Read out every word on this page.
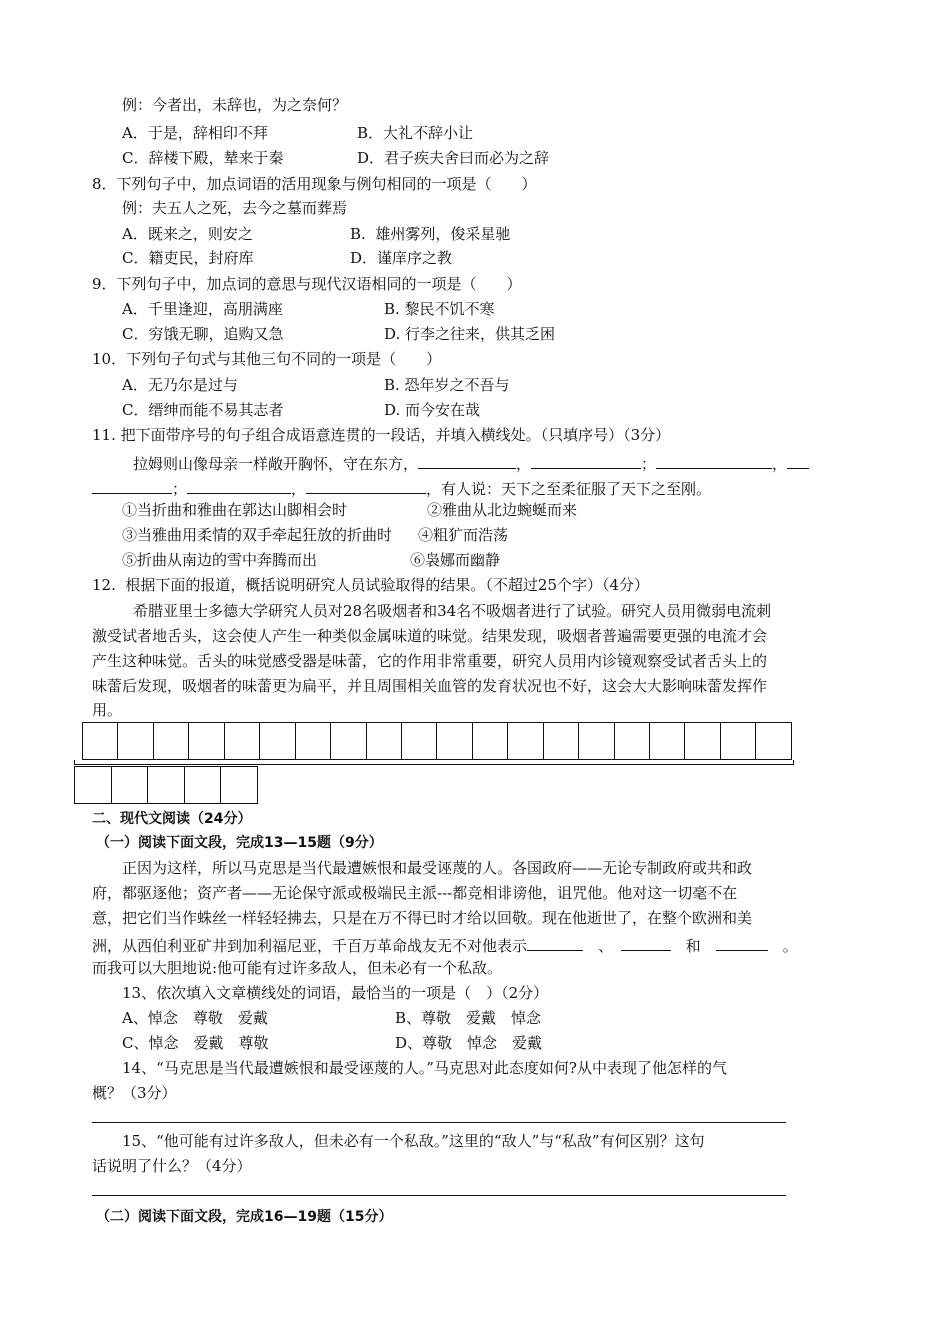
例：今者出，未辞也，为之奈何？
A．于是，辞相印不拜	B．大礼不辞小让
C．辞楼下殿，辇来于秦	D．君子疾夫舍曰而必为之辞
8．下列句子中，加点词语的活用现象与例句相同的一项是（　　）
例：夫五人之死，去今之墓而葬焉
A．既来之，则安之	B.  雄州雾列，俊采星驰
C．籍吏民，封府库	D．谨庠序之教
9．下列句子中，加点词的意思与现代汉语相同的一项是（　　）
A．千里逢迎，高朋满座	B. 黎民不饥不寒
C．穷饿无聊，追购又急	D. 行李之往来，供其乏困
10．下列句子句式与其他三句不同的一项是（　　）
A．无乃尔是过与	B. 恐年岁之不吾与
C．缙绅而能不易其志者	D. 而今安在哉
11. 把下面带序号的句子组合成语意连贯的一段话，并填入横线处。（只填序号）（3分）
拉姆则山像母亲一样敞开胸怀，守在东方，	，	；	，
；	，	，有人说：天下之至柔征服了天下之至刚。
①当折曲和雅曲在郭达山脚相会时	②雅曲从北边蜿蜒而来
③当雅曲用柔情的双手牵起狂放的折曲时 ④粗犷而浩荡
⑤折曲从南边的雪中奔腾而出	⑥袅娜而幽静
12.  根据下面的报道，概括说明研究人员试验取得的结果。（不超过25个字）（4分）
希腊亚里士多德大学研究人员对28名吸烟者和34名不吸烟者进行了试验。研究人员用微弱电流刺
激受试者地舌头，这会使人产生一种类似金属味道的味觉。结果发现，吸烟者普遍需要更强的电流才会
产生这种味觉。舌头的味觉感受器是味蕾，它的作用非常重要，研究人员用内诊镜观察受试者舌头上的
味蕾后发现，吸烟者的味蕾更为扁平，并且周围相关血管的发育状况也不好，这会大大影响味蕾发挥作
用。

二、现代文阅读（24分）
（一）阅读下面文段，完成13—15题（9分）
正因为这样，所以马克思是当代最遭嫉恨和最受诬蔑的人。各国政府——无论专制政府或共和政
府，都驱逐他；资产者——无论保守派或极端民主派---都竞相诽谤他，诅咒他。他对这一切毫不在
意，把它们当作蛛丝一样轻轻拂去，只是在万不得已时才给以回敬。现在他逝世了，在整个欧洲和美
洲，从西伯利亚矿井到加利福尼亚，千百万革命战友无不对他表示　	、　　	和　　	。
而我可以大胆地说:他可能有过许多敌人，但未必有一个私敌。
13、依次填入文章横线处的词语，最恰当的一项是（　）（2分）
A、悼念　尊敬　爱戴	B、尊敬　爱戴　悼念
C、悼念　爱戴　尊敬	D、尊敬　悼念　爱戴
14、“马克思是当代最遭嫉恨和最受诬蔑的人。”马克思对此态度如何?从中表现了他怎样的气
概？（3分）
15、“他可能有过许多敌人，但未必有一个私敌。”这里的“敌人”与“私敌”有何区别？这句
话说明了什么？（4分）
（二）阅读下面文段，完成16—19题（15分）
